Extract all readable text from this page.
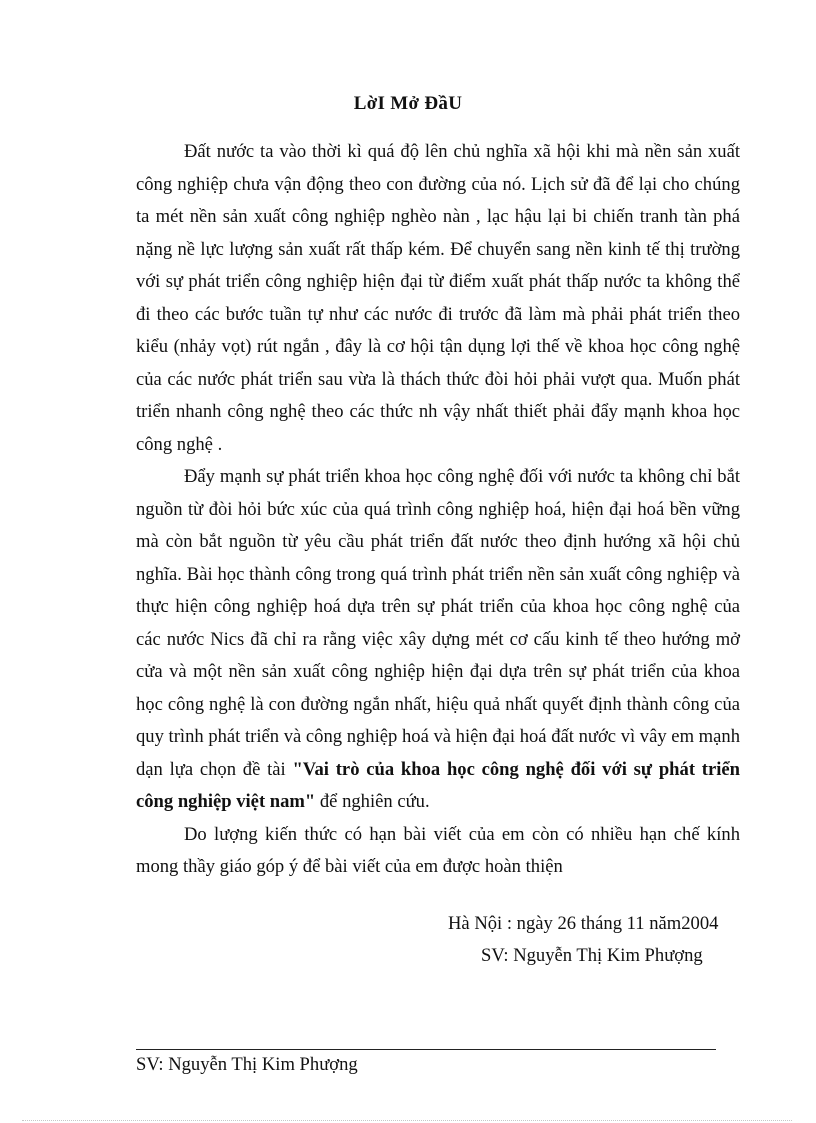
LờI Mở ĐầU

Đất nước ta vào thời kì quá độ lên chủ nghĩa xã hội khi mà nền sản xuất công nghiệp chưa vận động theo con đường của nó. Lịch sử đã để lại cho chúng ta mét nền sản xuất công nghiệp nghèo nàn , lạc hậu lại bi chiến tranh tàn phá nặng nề lực lượng sản xuất rất thấp kém. Để chuyển sang nền kinh tế thị trường với sự phát triển công nghiệp hiện đại từ điểm xuất phát thấp nước ta không thể đi theo các bước tuần tự như các nước đi trước đã làm mà phải phát triển theo kiểu (nhảy vọt) rút ngắn , đây là cơ hội tận dụng lợi thế về khoa học công nghệ của các nước phát triển sau vừa là thách thức đòi hỏi phải vượt qua. Muốn phát triển nhanh công nghệ theo các thức nh vậy nhất thiết phải đẩy mạnh khoa học công nghệ .

Đẩy mạnh sự phát triển khoa học công nghệ đối với nước ta không chỉ bắt nguồn từ đòi hỏi bức xúc của quá trình công nghiệp hoá, hiện đại hoá bền vững mà còn bắt nguồn từ yêu cầu phát triển đất nước theo định hướng xã hội chủ nghĩa. Bài học thành công trong quá trình phát triển nền sản xuất công nghiệp và thực hiện công nghiệp hoá dựa trên sự phát triển của khoa học công nghệ của các nước Nics đã chỉ ra rằng việc xây dựng mét cơ cấu kinh tế theo hướng mở cửa và một nền sản xuất công nghiệp hiện đại dựa trên sự phát triển của khoa học công nghệ là con đường ngắn nhất, hiệu quả nhất quyết định thành công của quy trình phát triển và công nghiệp hoá và hiện đại hoá đất nước vì vây em mạnh dạn lựa chọn đề tài "Vai trò của khoa học công nghệ đối với sự phát triển công nghiệp việt nam" để nghiên cứu.

Do lượng kiến thức có hạn bài viết của em còn có nhiều hạn chế kính mong thầy giáo góp ý để bài viết của em được hoàn thiện

Hà Nội : ngày 26 tháng 11 năm2004
SV: Nguyễn Thị Kim Phượng
SV: Nguyễn Thị Kim Phượng
